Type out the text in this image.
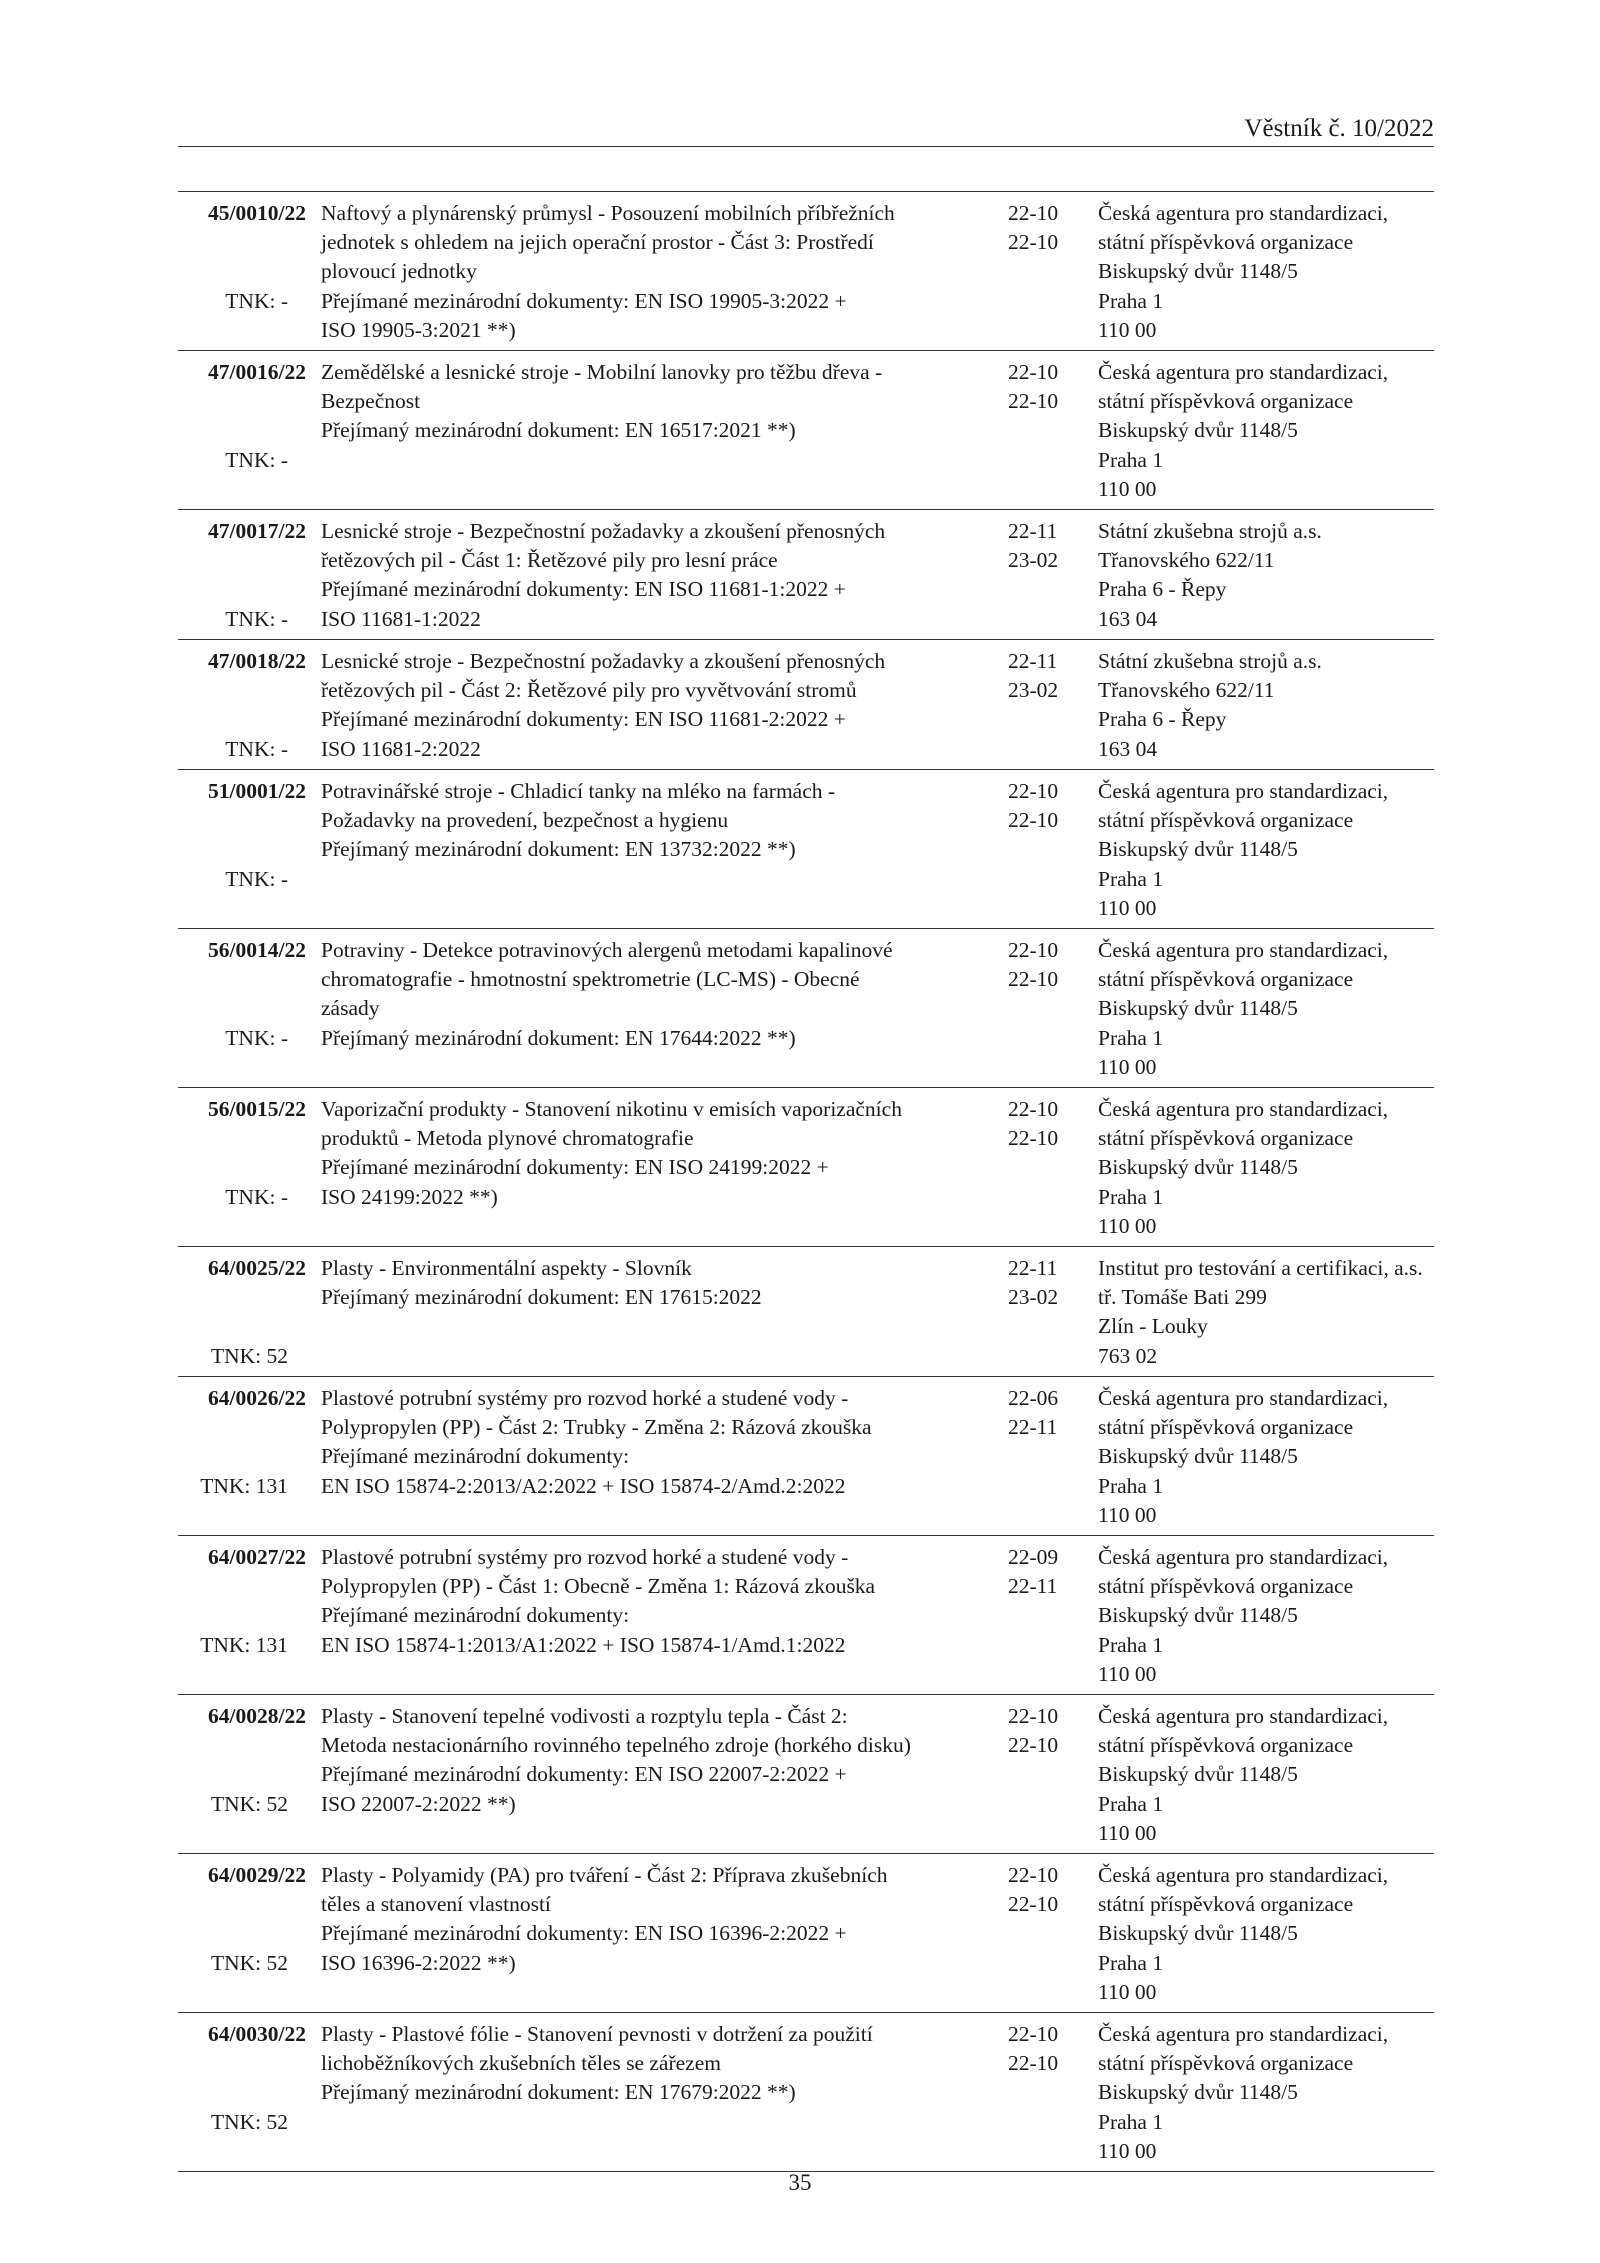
Věstník č. 10/2022
45/0010/22
TNK: -
Naftový a plynárenský průmysl - Posouzení mobilních příbřežních
jednotek s ohledem na jejich operační prostor - Část 3: Prostředí
plovoucí jednotky
Přejímané mezinárodní dokumenty: EN ISO 19905-3:2022 +
ISO 19905-3:2021 **)
22-10
22-10
Česká agentura pro standardizaci,
státní příspěvková organizace
Biskupský dvůr 1148/5
Praha 1
110 00
47/0016/22
TNK: -
Zemědělské a lesnické stroje - Mobilní lanovky pro těžbu dřeva -
Bezpečnost
Přejímaný mezinárodní dokument: EN 16517:2021 **)
22-10
22-10
Česká agentura pro standardizaci,
státní příspěvková organizace
Biskupský dvůr 1148/5
Praha 1
110 00
47/0017/22
TNK: -
Lesnické stroje - Bezpečnostní požadavky a zkoušení přenosných
řetězových pil - Část 1: Řetězové pily pro lesní práce
Přejímané mezinárodní dokumenty: EN ISO 11681-1:2022 +
ISO 11681-1:2022
22-11
23-02
Státní zkušebna strojů a.s.
Třanovského 622/11
Praha 6 - Řepy
163 04
47/0018/22
TNK: -
Lesnické stroje - Bezpečnostní požadavky a zkoušení přenosných
řetězových pil - Část 2: Řetězové pily pro vyvětvování stromů
Přejímané mezinárodní dokumenty: EN ISO 11681-2:2022 +
ISO 11681-2:2022
22-11
23-02
Státní zkušebna strojů a.s.
Třanovského 622/11
Praha 6 - Řepy
163 04
51/0001/22
TNK: -
Potravinářské stroje - Chladicí tanky na mléko na farmách -
Požadavky na provedení, bezpečnost a hygienu
Přejímaný mezinárodní dokument: EN 13732:2022 **)
22-10
22-10
Česká agentura pro standardizaci,
státní příspěvková organizace
Biskupský dvůr 1148/5
Praha 1
110 00
56/0014/22
TNK: -
Potraviny - Detekce potravinových alergenů metodami kapalinové
chromatografie - hmotnostní spektrometrie (LC-MS) - Obecné
zásady
Přejímaný mezinárodní dokument: EN 17644:2022 **)
22-10
22-10
Česká agentura pro standardizaci,
státní příspěvková organizace
Biskupský dvůr 1148/5
Praha 1
110 00
56/0015/22
TNK: -
Vaporizační produkty - Stanovení nikotinu v emisích vaporizačních
produktů - Metoda plynové chromatografie
Přejímané mezinárodní dokumenty: EN ISO 24199:2022 +
ISO 24199:2022 **)
22-10
22-10
Česká agentura pro standardizaci,
státní příspěvková organizace
Biskupský dvůr 1148/5
Praha 1
110 00
64/0025/22
TNK: 52
Plasty - Environmentální aspekty - Slovník
Přejímaný mezinárodní dokument: EN 17615:2022
22-11
23-02
Institut pro testování a certifikaci, a.s.
tř. Tomáše Bati 299
Zlín - Louky
763 02
64/0026/22
TNK: 131
Plastové potrubní systémy pro rozvod horké a studené vody -
Polypropylen (PP) - Část 2: Trubky - Změna 2: Rázová zkouška
Přejímané mezinárodní dokumenty:
EN ISO 15874-2:2013/A2:2022 + ISO 15874-2/Amd.2:2022
22-06
22-11
Česká agentura pro standardizaci,
státní příspěvková organizace
Biskupský dvůr 1148/5
Praha 1
110 00
64/0027/22
TNK: 131
Plastové potrubní systémy pro rozvod horké a studené vody -
Polypropylen (PP) - Část 1: Obecně - Změna 1: Rázová zkouška
Přejímané mezinárodní dokumenty:
EN ISO 15874-1:2013/A1:2022 + ISO 15874-1/Amd.1:2022
22-09
22-11
Česká agentura pro standardizaci,
státní příspěvková organizace
Biskupský dvůr 1148/5
Praha 1
110 00
64/0028/22
TNK: 52
Plasty - Stanovení tepelné vodivosti a rozptylu tepla - Část 2:
Metoda nestacionárního rovinného tepelného zdroje (horkého disku)
Přejímané mezinárodní dokumenty: EN ISO 22007-2:2022 +
ISO 22007-2:2022 **)
22-10
22-10
Česká agentura pro standardizaci,
státní příspěvková organizace
Biskupský dvůr 1148/5
Praha 1
110 00
64/0029/22
TNK: 52
Plasty - Polyamidy (PA) pro tváření - Část 2: Příprava zkušebních
těles a stanovení vlastností
Přejímané mezinárodní dokumenty: EN ISO 16396-2:2022 +
ISO 16396-2:2022 **)
22-10
22-10
Česká agentura pro standardizaci,
státní příspěvková organizace
Biskupský dvůr 1148/5
Praha 1
110 00
64/0030/22
TNK: 52
Plasty - Plastové fólie - Stanovení pevnosti v dotržení za použití
lichoběžníkových zkušebních těles se zářezem
Přejímaný mezinárodní dokument: EN 17679:2022 **)
22-10
22-10
Česká agentura pro standardizaci,
státní příspěvková organizace
Biskupský dvůr 1148/5
Praha 1
110 00
35
